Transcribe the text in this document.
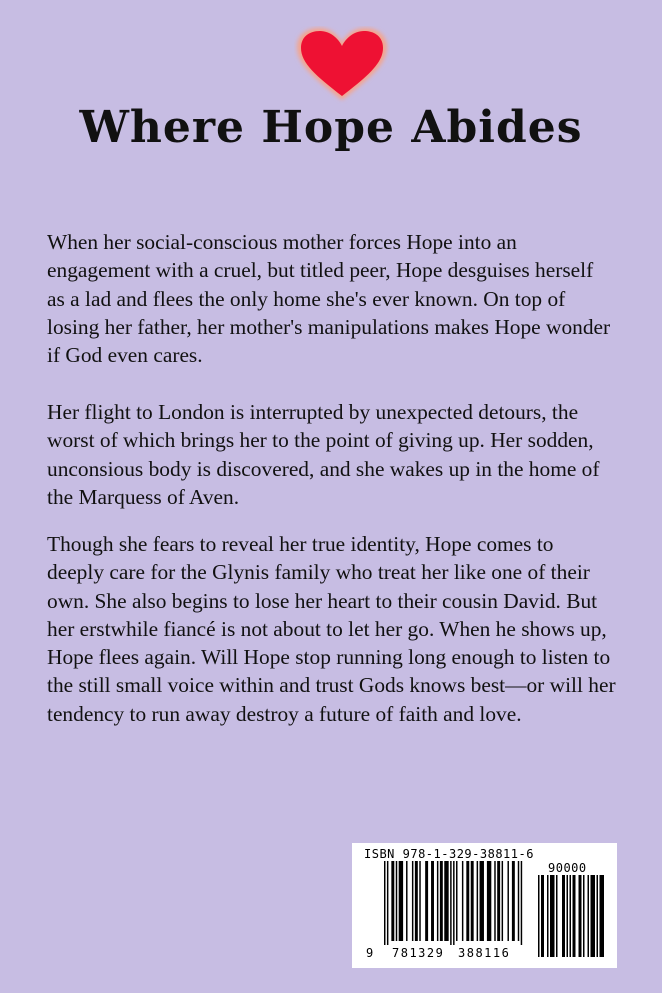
Where Hope Abides

When her social-conscious mother forces Hope into an
engagement with a cruel, but titled peer, Hope desguises herself
as a lad and flees the only home she's ever known. On top of
losing her father, her mother's manipulations makes Hope wonder
if God even cares.

Her flight to London is interrupted by unexpected detours, the
worst of which brings her to the point of giving up. Her sodden,
unconsious body is discovered, and she wakes up in the home of
the Marquess of Aven.

Though she fears to reveal her true identity, Hope comes to
deeply care for the Glynis family who treat her like one of their
own. She also begins to lose her heart to their cousin David. But
her erstwhile fiancé is not about to let her go. When he shows up,
Hope flees again. Will Hope stop running long enough to listen to
the still small voice within and trust Gods knows best—or will her
tendency to run away destroy a future of faith and love.

ISBN 978-1-329-38811-6
90000
9 781329 388116
